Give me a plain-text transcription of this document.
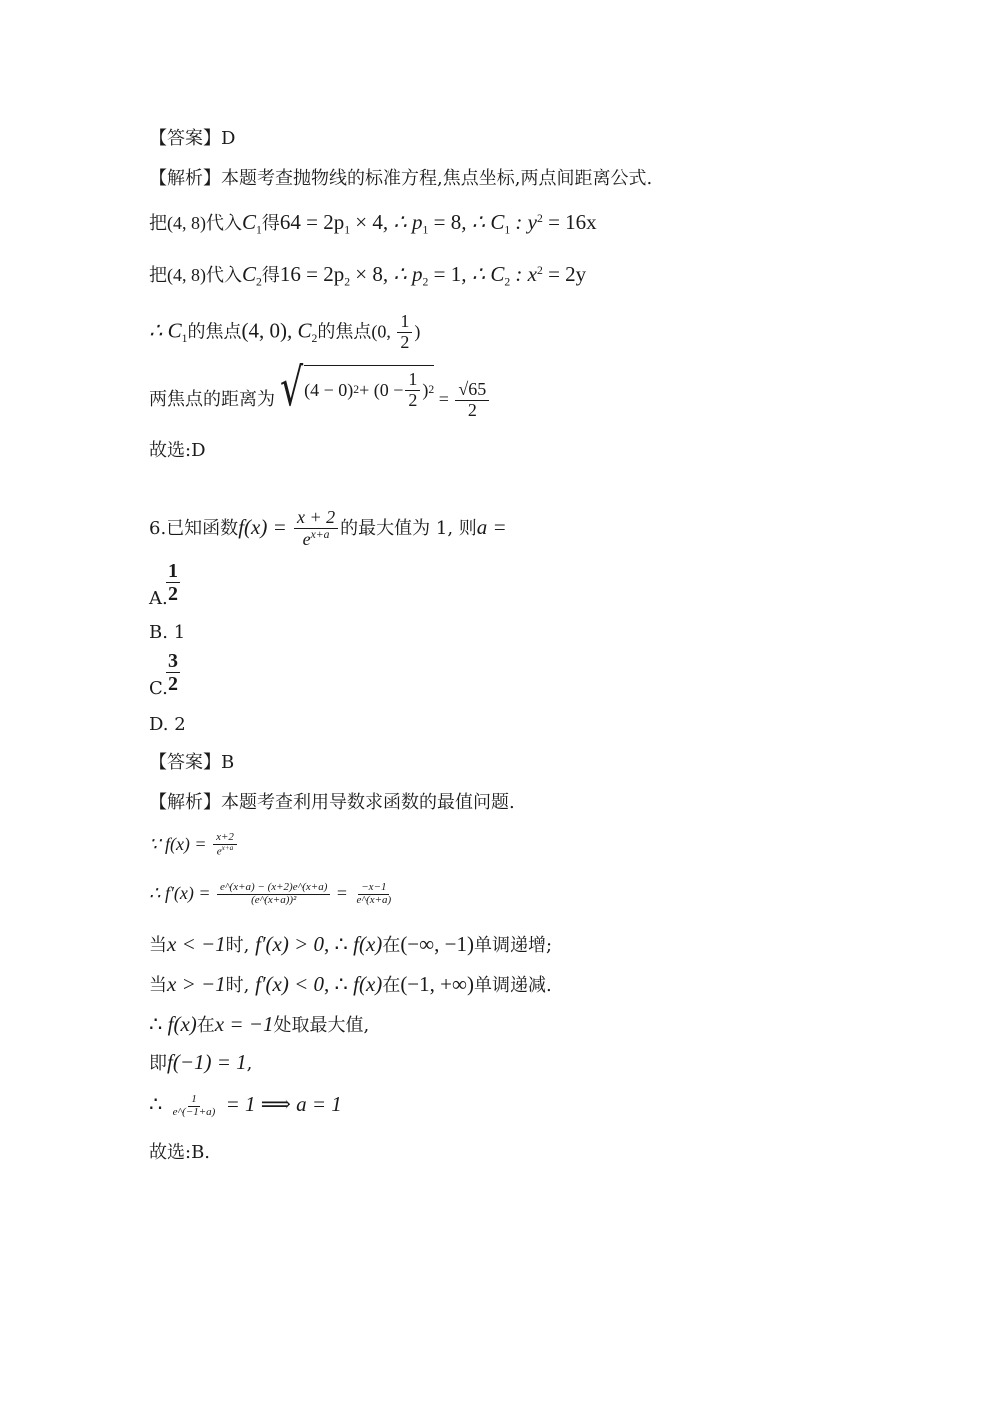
【答案】D
【解析】本题考查抛物线的标准方程,焦点坐标,两点间距离公式.
把(4, 8)代入$C_1$得$64 = 2p_1 \times 4$, ∴ $p_1 = 8$, ∴ $C_1$ : $y^2 = 16x$
把(4, 8)代入$C_2$得$16 = 2p_2 \times 8$, ∴ $p_2 = 1$, ∴ $C_2$ : $x^2 = 2y$
∴ $C_1$的焦点(4, 0), $C_2$的焦点(0, $\frac{1}{2}$ )
两焦点的距离为 √ (4 − 0) $2 + (0 - \frac{1}{2}$ ) $2 = \frac{√65}{2}$
故选:D
6.已知函数$f(x) = \frac{x + 2}{e^{x+a}}$ 的最大值为 1, 则a =
$\frac{1}{2}$
A.
B. 1
$\frac{3}{2}$
C.
D. 2
【答案】B
【解析】本题考查利用导数求函数的最值问题.
∵ $f(x) = \frac{x+2}{e^{x+a}}$
∴ $f'(x) = \frac{e\^{}(x+a) - (x+2)e\^{}(x+a)}{\text{(e\textasciicircum{}(x+a))²}} = \frac{-x-1}{e\^{}(x+a)}$
当x < −1时, f′(x) > 0, ∴ f(x)在(−∞, −1)单调递增;
当x > −1时, f′(x) < 0, ∴ f(x)在(−1, +∞)单调递减.
∴ f(x)在x = −1处取最大值,
即f(−1) = 1,
∴ $\frac{1}{e\^{}(-1+a)} = 1$ ⟹ a = 1
故选:B.
